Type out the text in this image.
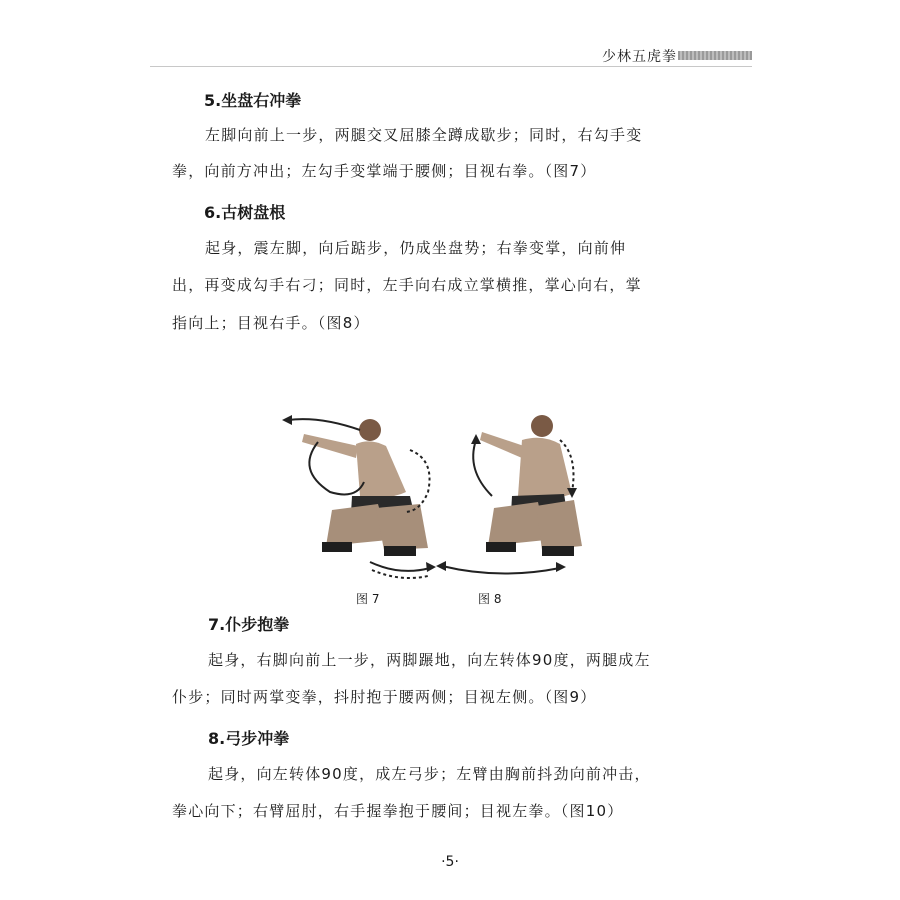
少林五虎拳
5.坐盘右冲拳
左脚向前上一步，两腿交叉屈膝全蹲成歇步；同时，右勾手变
拳，向前方冲出；左勾手变掌端于腰侧；目视右拳。（图7）
6.古树盘根
起身，震左脚，向后踮步，仍成坐盘势；右拳变掌，向前伸
出，再变成勾手右刁；同时，左手向右成立掌横推，掌心向右，掌
指向上；目视右手。（图8）
图 7	图 8
7.仆步抱拳
起身，右脚向前上一步，两脚蹍地，向左转体90度，两腿成左
仆步；同时两掌变拳，抖肘抱于腰两侧；目视左侧。（图9）
8.弓步冲拳
起身，向左转体90度，成左弓步；左臂由胸前抖劲向前冲击，
拳心向下；右臂屈肘，右手握拳抱于腰间；目视左拳。（图10）
·5·
